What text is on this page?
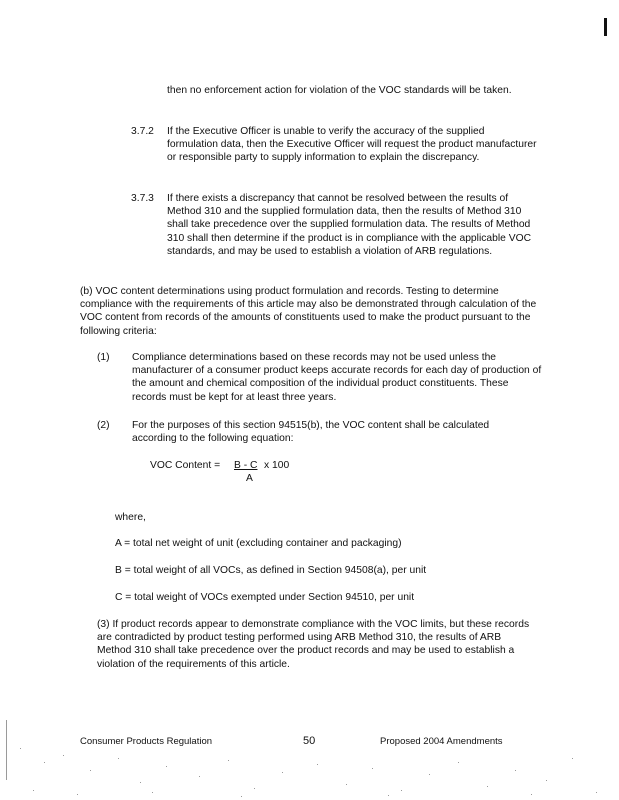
then no enforcement action for violation of the VOC standards will be taken.

3.7.2 If the Executive Officer is unable to verify the accuracy of the supplied formulation data, then the Executive Officer will request the product manufacturer or responsible party to supply information to explain the discrepancy.

3.7.3 If there exists a discrepancy that cannot be resolved between the results of Method 310 and the supplied formulation data, then the results of Method 310 shall take precedence over the supplied formulation data. The results of Method 310 shall then determine if the product is in compliance with the applicable VOC standards, and may be used to establish a violation of ARB regulations.

(b) VOC content determinations using product formulation and records. Testing to determine compliance with the requirements of this article may also be demonstrated through calculation of the VOC content from records of the amounts of constituents used to make the product pursuant to the following criteria:

(1) Compliance determinations based on these records may not be used unless the manufacturer of a consumer product keeps accurate records for each day of production of the amount and chemical composition of the individual product constituents. These records must be kept for at least three years.

(2) For the purposes of this section 94515(b), the VOC content shall be calculated according to the following equation:

VOC Content = B - C x 100
A
where,
A = total net weight of unit (excluding container and packaging)
B = total weight of all VOCs, as defined in Section 94508(a), per unit
C = total weight of VOCs exempted under Section 94510, per unit

(3) If product records appear to demonstrate compliance with the VOC limits, but these records are contradicted by product testing performed using ARB Method 310, the results of ARB Method 310 shall take precedence over the product records and may be used to establish a violation of the requirements of this article.

Consumer Products Regulation	50	Proposed 2004 Amendments
